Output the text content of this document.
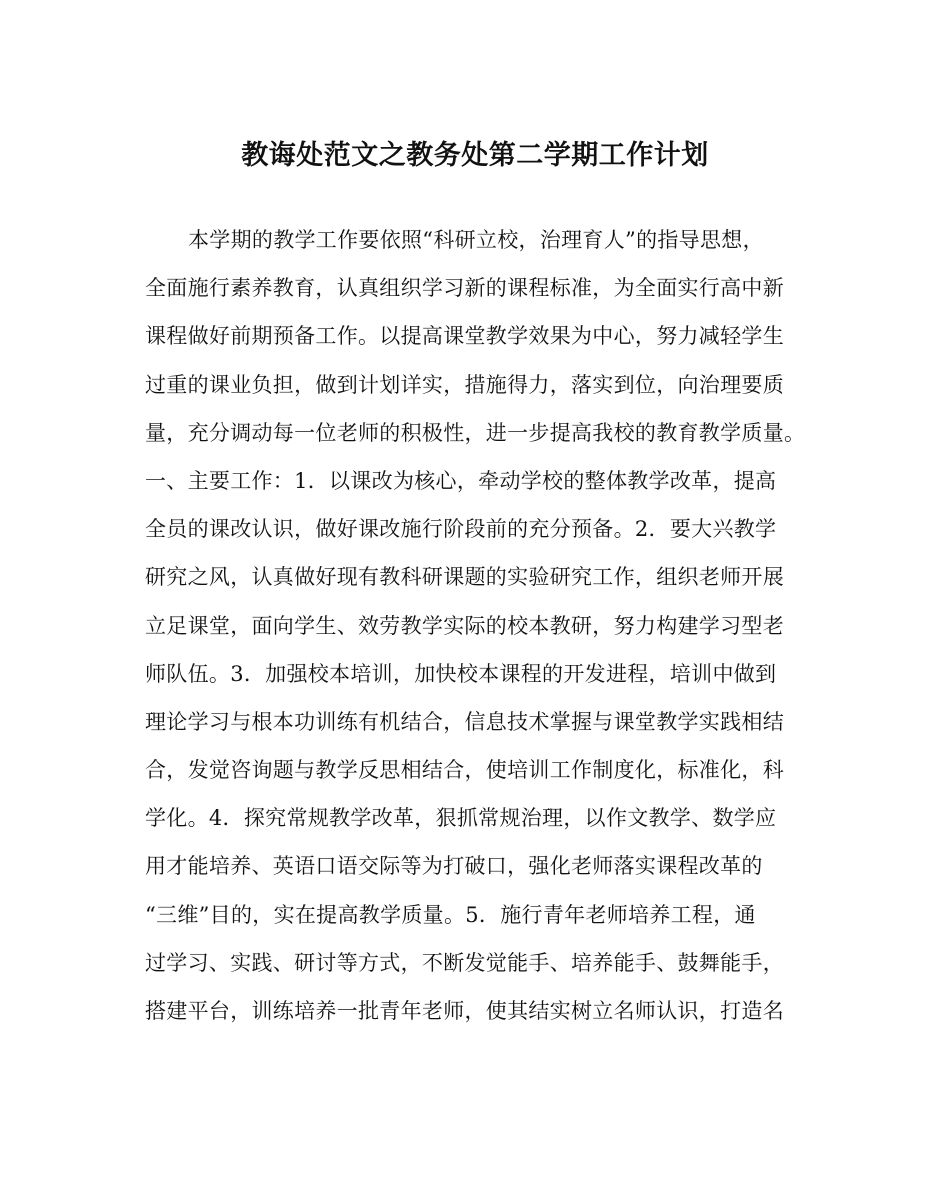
教诲处范文之教务处第二学期工作计划
本学期的教学工作要依照“科研立校，治理育人”的指导思想，
全面施行素养教育，认真组织学习新的课程标准，为全面实行高中新
课程做好前期预备工作。以提高课堂教学效果为中心，努力减轻学生
过重的课业负担，做到计划详实，措施得力，落实到位，向治理要质
量，充分调动每一位老师的积极性，进一步提高我校的教育教学质量。
一、主要工作：1．以课改为核心，牵动学校的整体教学改革，提高
全员的课改认识，做好课改施行阶段前的充分预备。2．要大兴教学
研究之风，认真做好现有教科研课题的实验研究工作，组织老师开展
立足课堂，面向学生、效劳教学实际的校本教研，努力构建学习型老
师队伍。3．加强校本培训，加快校本课程的开发进程，培训中做到
理论学习与根本功训练有机结合，信息技术掌握与课堂教学实践相结
合，发觉咨询题与教学反思相结合，使培训工作制度化，标准化，科
学化。4．探究常规教学改革，狠抓常规治理，以作文教学、数学应
用才能培养、英语口语交际等为打破口，强化老师落实课程改革的
“三维”目的，实在提高教学质量。5．施行青年老师培养工程，通
过学习、实践、研讨等方式，不断发觉能手、培养能手、鼓舞能手，
搭建平台，训练培养一批青年老师，使其结实树立名师认识，打造名
